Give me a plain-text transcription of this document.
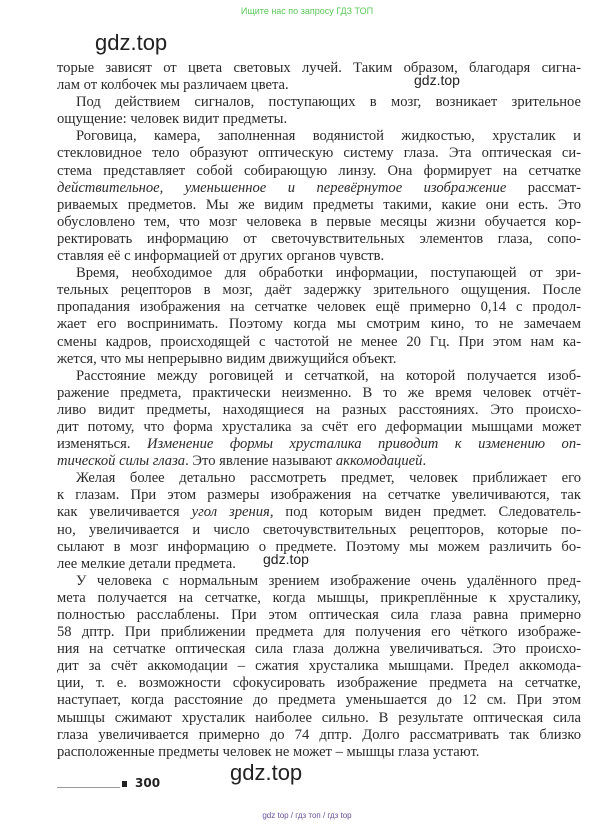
Ищите нас по запросу ГДЗ ТОП
gdz.top
gdz.top
gdz.top
gdz.top
торые зависят от цвета световых лучей. Таким образом, благодаря сигна-
лам от колбочек мы различаем цвета.
Под действием сигналов, поступающих в мозг, возникает зрительное
ощущение: человек видит предметы.
Роговица, камера, заполненная водянистой жидкостью, хрусталик и
стекловидное тело образуют оптическую систему глаза. Эта оптическая си-
стема представляет собой собирающую линзу. Она формирует на сетчатке
действительное, уменьшенное и перевёрнутое изображение рассмат-
риваемых предметов. Мы же видим предметы такими, какие они есть. Это
обусловлено тем, что мозг человека в первые месяцы жизни обучается кор-
ректировать информацию от светочувствительных элементов глаза, сопо-
ставляя её с информацией от других органов чувств.
Время, необходимое для обработки информации, поступающей от зри-
тельных рецепторов в мозг, даёт задержку зрительного ощущения. После
пропадания изображения на сетчатке человек ещё примерно 0,14 с продол-
жает его воспринимать. Поэтому когда мы смотрим кино, то не замечаем
смены кадров, происходящей с частотой не менее 20 Гц. При этом нам ка-
жется, что мы непрерывно видим движущийся объект.
Расстояние между роговицей и сетчаткой, на которой получается изоб-
ражение предмета, практически неизменно. В то же время человек отчёт-
ливо видит предметы, находящиеся на разных расстояниях. Это происхо-
дит потому, что форма хрусталика за счёт его деформации мышцами может
изменяться. Изменение формы хрусталика приводит к изменению оп-
тической силы глаза. Это явление называют аккомодацией.
Желая более детально рассмотреть предмет, человек приближает его
к глазам. При этом размеры изображения на сетчатке увеличиваются, так
как увеличивается угол зрения, под которым виден предмет. Следователь-
но, увеличивается и число светочувствительных рецепторов, которые по-
сылают в мозг информацию о предмете. Поэтому мы можем различить бо-
лее мелкие детали предмета.
У человека с нормальным зрением изображение очень удалённого пред-
мета получается на сетчатке, когда мышцы, прикреплённые к хрусталику,
полностью расслаблены. При этом оптическая сила глаза равна примерно
58 дптр. При приближении предмета для получения его чёткого изображе-
ния на сетчатке оптическая сила глаза должна увеличиваться. Это происхо-
дит за счёт аккомодации – сжатия хрусталика мышцами. Предел аккомода-
ции, т. е. возможности сфокусировать изображение предмета на сетчатке,
наступает, когда расстояние до предмета уменьшается до 12 см. При этом
мышцы сжимают хрусталик наиболее сильно. В результате оптическая сила
глаза увеличивается примерно до 74 дптр. Долго рассматривать так близко
расположенные предметы человек не может – мышцы глаза устают.
300
gdz top / гдз топ / гдз top
